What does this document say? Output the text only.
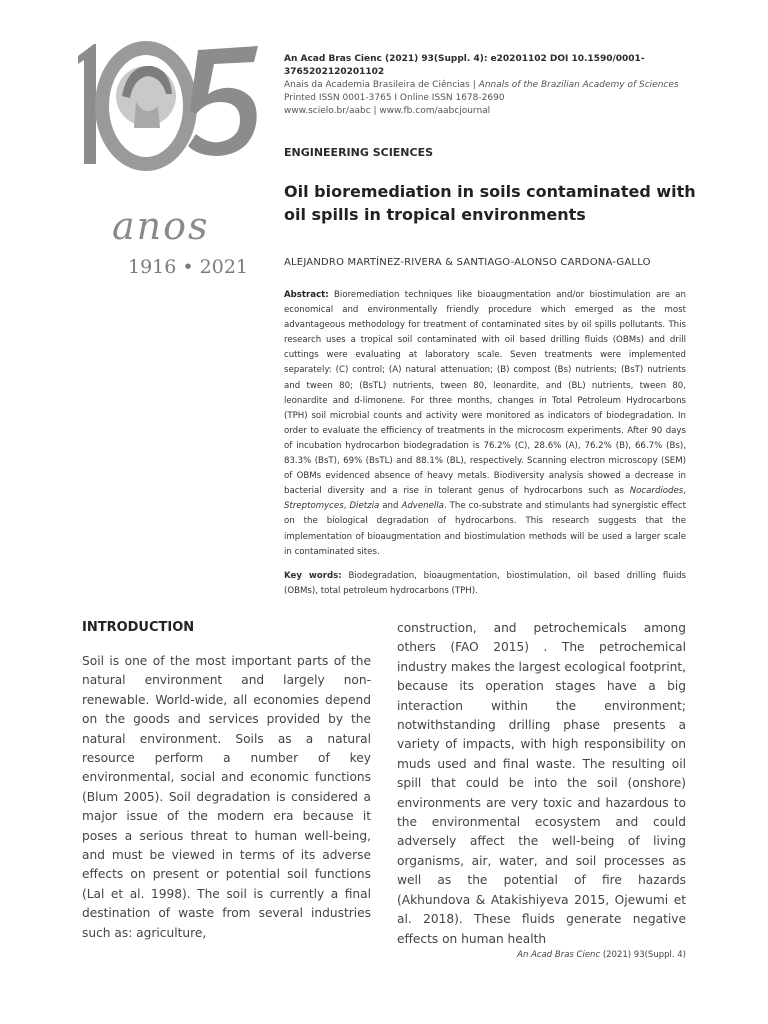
anos
1916 • 2021
An Acad Bras Cienc (2021) 93(Suppl. 4): e20201102 DOI 10.1590/0001-3765202120201102
Anais da Academia Brasileira de Ciências | Annals of the Brazilian Academy of Sciences
Printed ISSN 0001-3765 I Online ISSN 1678-2690
www.scielo.br/aabc | www.fb.com/aabcjournal
ENGINEERING SCIENCES
Oil bioremediation in soils contaminated with oil spills in tropical environments
ALEJANDRO MARTÍNEZ-RIVERA & SANTIAGO-ALONSO CARDONA-GALLO
Abstract: Bioremediation techniques like bioaugmentation and/or biostimulation are an economical and environmentally friendly procedure which emerged as the most advantageous methodology for treatment of contaminated sites by oil spills pollutants. This research uses a tropical soil contaminated with oil based drilling fluids (OBMs) and drill cuttings were evaluating at laboratory scale. Seven treatments were implemented separately: (C) control; (A) natural attenuation; (B) compost (Bs) nutrients; (BsT) nutrients and tween 80; (BsTL) nutrients, tween 80, leonardite, and (BL) nutrients, tween 80, leonardite and d-limonene. For three months, changes in Total Petroleum Hydrocarbons (TPH) soil microbial counts and activity were monitored as indicators of biodegradation. In order to evaluate the efficiency of treatments in the microcosm experiments. After 90 days of incubation hydrocarbon biodegradation is 76.2% (C), 28.6% (A), 76.2% (B), 66.7% (Bs), 83.3% (BsT), 69% (BsTL) and 88.1% (BL), respectively. Scanning electron microscopy (SEM) of OBMs evidenced absence of heavy metals. Biodiversity analysis showed a decrease in bacterial diversity and a rise in tolerant genus of hydrocarbons such as Nocardiodes, Streptomyces, Dietzia and Advenella. The co-substrate and stimulants had synergistic effect on the biological degradation of hydrocarbons. This research suggests that the implementation of bioaugmentation and biostimulation methods will be used a larger scale in contaminated sites.
Key words: Biodegradation, bioaugmentation, biostimulation, oil based drilling fluids (OBMs), total petroleum hydrocarbons (TPH).
INTRODUCTION
Soil is one of the most important parts of the natural environment and largely non-renewable. World-wide, all economies depend on the goods and services provided by the natural environment. Soils as a natural resource perform a number of key environmental, social and economic functions (Blum 2005). Soil degradation is considered a major issue of the modern era because it poses a serious threat to human well-being, and must be viewed in terms of its adverse effects on present or potential soil functions (Lal et al. 1998). The soil is currently a final destination of waste from several industries such as: agriculture,
construction, and petrochemicals among others (FAO 2015) . The petrochemical industry makes the largest ecological footprint, because its operation stages have a big interaction within the environment; notwithstanding drilling phase presents a variety of impacts, with high responsibility on muds used and final waste. The resulting oil spill that could be into the soil (onshore) environments are very toxic and hazardous to the environmental ecosystem and could adversely affect the well-being of living organisms, air, water, and soil processes as well as the potential of fire hazards (Akhundova & Atakishiyeva 2015, Ojewumi et al. 2018). These fluids generate negative effects on human health
An Acad Bras Cienc (2021) 93(Suppl. 4)
